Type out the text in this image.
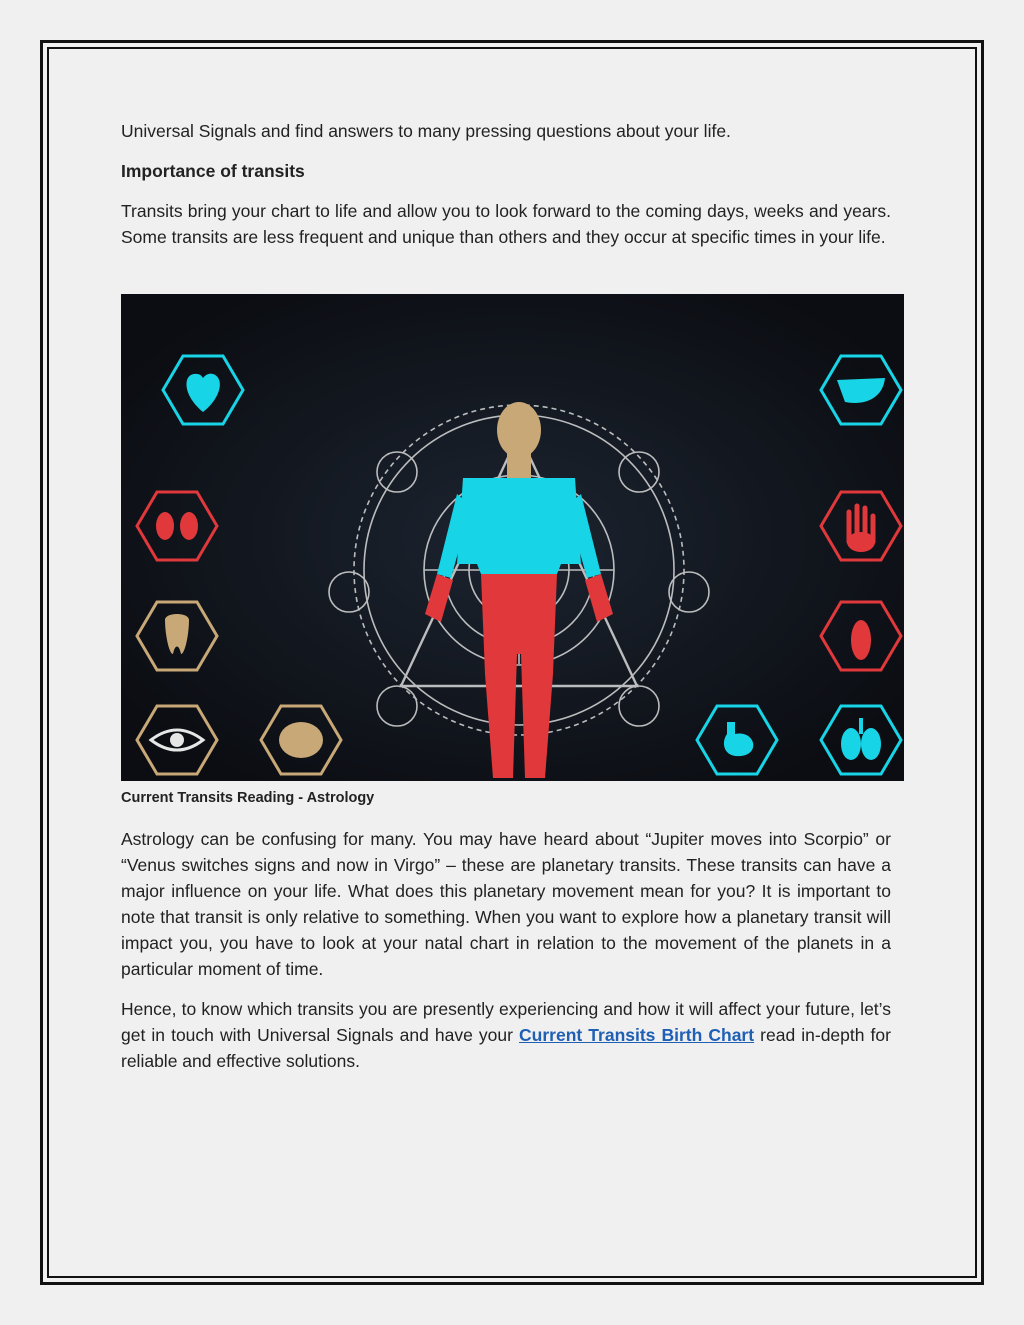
Universal Signals and find answers to many pressing questions about your life.

Importance of transits

Transits bring your chart to life and allow you to look forward to the coming days, weeks and years. Some transits are less frequent and unique than others and they occur at specific times in your life.

Current Transits Reading - Astrology

Astrology can be confusing for many. You may have heard about “Jupiter moves into Scorpio” or “Venus switches signs and now in Virgo” – these are planetary transits. These transits can have a major influence on your life. What does this planetary movement mean for you? It is important to note that transit is only relative to something. When you want to explore how a planetary transit will impact you, you have to look at your natal chart in relation to the movement of the planets in a particular moment of time.

Hence, to know which transits you are presently experiencing and how it will affect your future, let’s get in touch with Universal Signals and have your Current Transits Birth Chart read in-depth for reliable and effective solutions.
